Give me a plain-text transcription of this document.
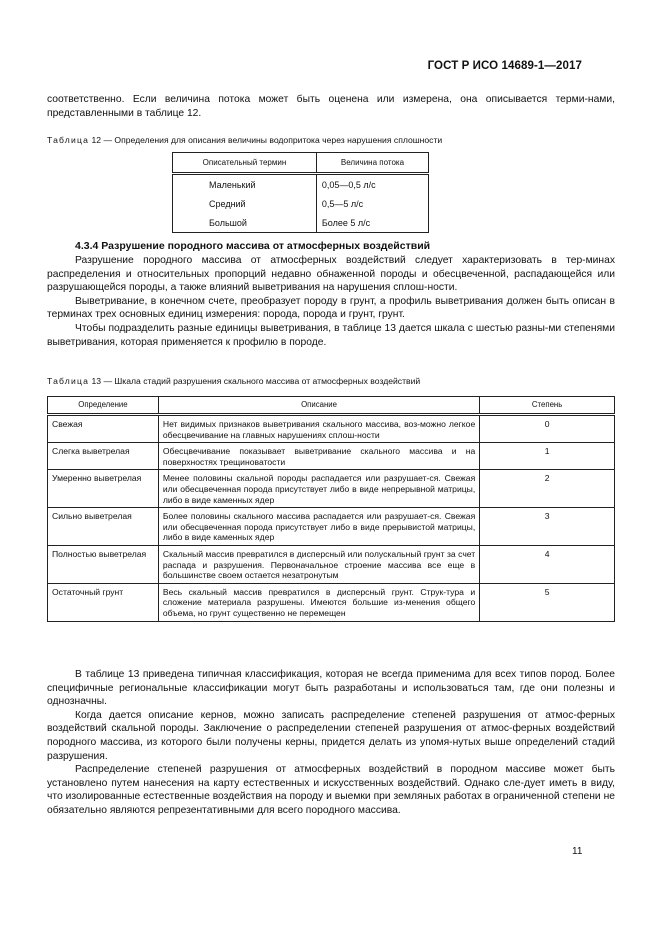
ГОСТ Р ИСО 14689-1—2017

соответственно. Если величина потока может быть оценена или измерена, она описывается терми-нами, представленными в таблице 12.

Таблица 12 — Определения для описания величины водопритока через нарушения сплошности
Описательный термин	Величина потока
Маленький	0,05—0,5 л/с
Средний	0,5—5 л/с
Большой	Более 5 л/с
4.3.4 Разрушение породного массива от атмосферных воздействий

Разрушение породного массива от атмосферных воздействий следует характеризовать в тер-минах распределения и относительных пропорций недавно обнаженной породы и обесцвеченной, распадающейся или разрушающейся породы, а также влияний выветривания на нарушения сплош-ности.

Выветривание, в конечном счете, преобразует породу в грунт, а профиль выветривания должен быть описан в терминах трех основных единиц измерения: порода, порода и грунт, грунт.

Чтобы подразделить разные единицы выветривания, в таблице 13 дается шкала с шестью разны-ми степенями выветривания, которая применяется к профилю в породе.

Таблица 13 — Шкала стадий разрушения скального массива от атмосферных воздействий
Определение	Описание	Степень
Свежая	Нет видимых признаков выветривания скального массива, воз-можно легкое обесцвечивание на главных нарушениях сплош-ности	0
Слегка выветрелая	Обесцвечивание показывает выветривание скального массива и на поверхностях трещиноватости	1
Умеренно выветрелая	Менее половины скальной породы распадается или разрушает-ся. Свежая или обесцвеченная порода присутствует либо в виде непрерывной матрицы, либо в виде каменных ядер	2
Сильно выветрелая	Более половины скального массива распадается или разрушает-ся. Свежая или обесцвеченная порода присутствует либо в виде прерывистой матрицы, либо в виде каменных ядер	3
Полностью выветрелая	Скальный массив превратился в дисперсный или полускальный грунт за счет распада и разрушения. Первоначальное строение массива все еще в большинстве своем остается незатронутым	4
Остаточный грунт	Весь скальный массив превратился в дисперсный грунт. Струк-тура и сложение материала разрушены. Имеются большие из-менения общего объема, но грунт существенно не перемещен	5

В таблице 13 приведена типичная классификация, которая не всегда применима для всех типов пород. Более специфичные региональные классификации могут быть разработаны и использоваться там, где они полезны и однозначны.

Когда дается описание кернов, можно записать распределение степеней разрушения от атмос-ферных воздействий скальной породы. Заключение о распределении степеней разрушения от атмос-ферных воздействий породного массива, из которого были получены керны, придется делать из упомя-нутых выше определений стадий разрушения.

Распределение степеней разрушения от атмосферных воздействий в породном массиве может быть установлено путем нанесения на карту естественных и искусственных воздействий. Однако сле-дует иметь в виду, что изолированные естественные воздействия на породу и выемки при земляных работах в ограниченной степени не обязательно являются репрезентативными для всего породного массива.

11
